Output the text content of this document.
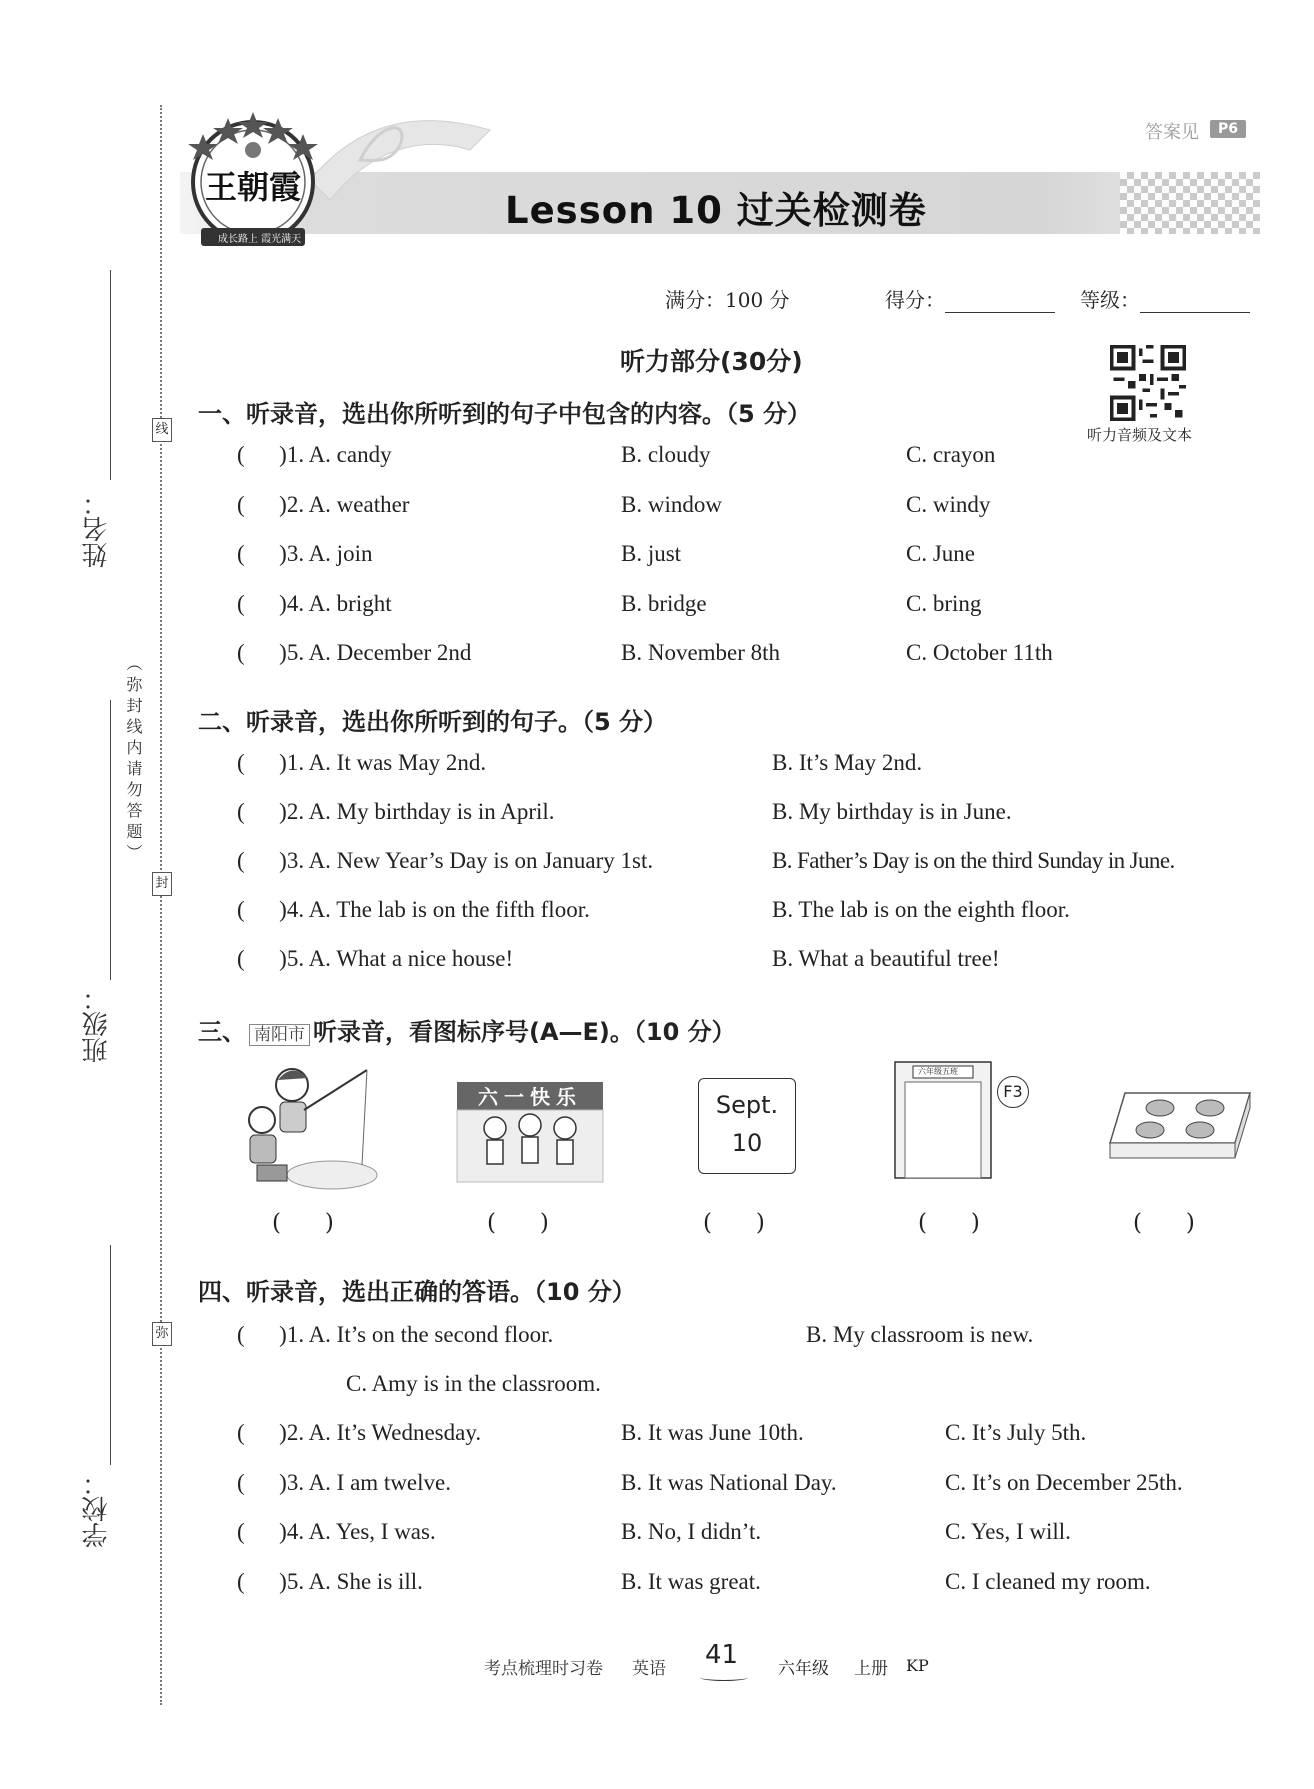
姓名：
班级：
学校：
线
封
弥
（弥封线内请勿答题）
王朝霞
成长路上 霞光满天
答案见	P6
Lesson 10 过关检测卷
满分：100 分	得分：	等级：
听力音频及文本
听力部分(30分)
一、听录音，选出你所听到的句子中包含的内容。（5 分）
(      )1. A. candy	B. cloudy	C. crayon
(      )2. A. weather	B. window	C. windy
(      )3. A. join	B. just	C. June
(      )4. A. bright	B. bridge	C. bring
(      )5. A. December 2nd	B. November 8th	C. October 11th
二、听录音，选出你所听到的句子。（5 分）
(      )1. A. It was May 2nd.	B. It’s May 2nd.
(      )2. A. My birthday is in April.	B. My birthday is in June.
(      )3. A. New Year’s Day is on January 1st.	B. Father’s Day is on the third Sunday in June.
(      )4. A. The lab is on the fifth floor.	B. The lab is on the eighth floor.
(      )5. A. What a nice house!	B. What a beautiful tree!
三、 南阳市 听录音，看图标序号(A—E)。（10 分）
六一快乐	Sept.
10
六年级五班
F3
(      )	(      )	(      )	(      )	(      )
四、听录音，选出正确的答语。（10 分）
(      )1. A. It’s on the second floor.	B. My classroom is new.
C. Amy is in the classroom.
(      )2. A. It’s Wednesday.	B. It was June 10th.	C. It’s July 5th.
(      )3. A. I am twelve.	B. It was National Day.	C. It’s on December 25th.
(      )4. A. Yes, I was.	B. No, I didn’t.	C. Yes, I will.
(      )5. A. She is ill.	B. It was great.	C. I cleaned my room.
考点梳理时习卷 英语 41 六年级 上册 KP
